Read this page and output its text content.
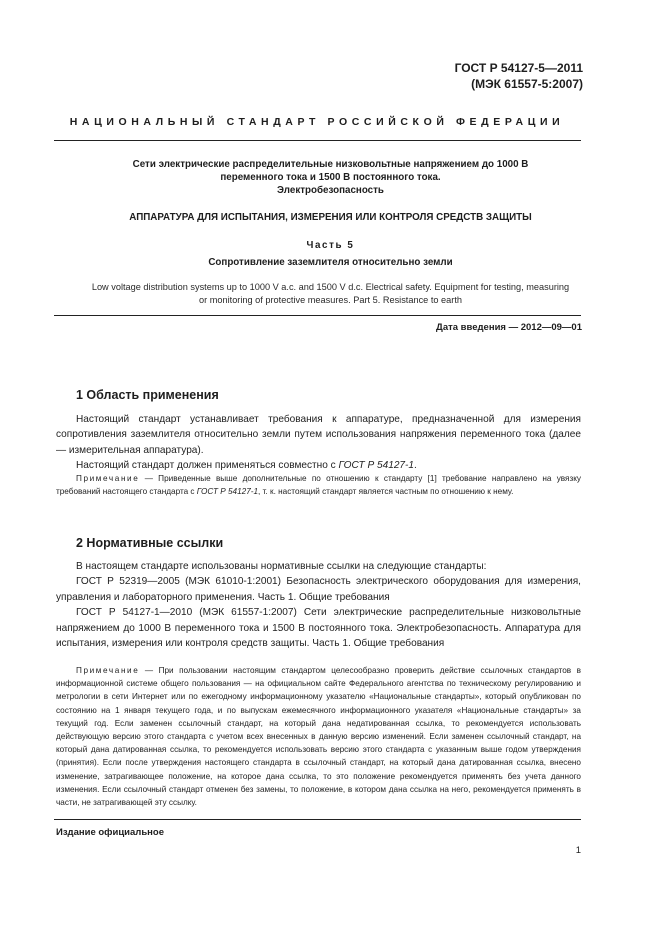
ГОСТ Р 54127-5—2011
(МЭК 61557-5:2007)
НАЦИОНАЛЬНЫЙ СТАНДАРТ РОССИЙСКОЙ ФЕДЕРАЦИИ
Сети электрические распределительные низковольтные напряжением до 1000 В
переменного тока и 1500 В постоянного тока.
Электробезопасность
АППАРАТУРА ДЛЯ ИСПЫТАНИЯ, ИЗМЕРЕНИЯ ИЛИ КОНТРОЛЯ СРЕДСТВ ЗАЩИТЫ
Часть 5
Сопротивление заземлителя относительно земли
Low voltage distribution systems up to 1000 V a.c. and 1500 V d.c. Electrical safety. Equipment for testing, measuring
or monitoring of protective measures. Part 5. Resistance to earth
Дата введения — 2012—09—01
1 Область применения

Настоящий стандарт устанавливает требования к аппаратуре, предназначенной для измерения сопротивления заземлителя относительно земли путем использования напряжения переменного тока (далее — измерительная аппаратура).

Настоящий стандарт должен применяться совместно с ГОСТ Р 54127-1.

Примечание — Приведенные выше дополнительные по отношению к стандарту [1] требование направлено на увязку требований настоящего стандарта с ГОСТ Р 54127-1, т. к. настоящий стандарт является частным по отношению к нему.

2 Нормативные ссылки

В настоящем стандарте использованы нормативные ссылки на следующие стандарты:

ГОСТ Р 52319—2005 (МЭК 61010-1:2001) Безопасность электрического оборудования для измерения, управления и лабораторного применения. Часть 1. Общие требования

ГОСТ Р 54127-1—2010 (МЭК 61557-1:2007) Сети электрические распределительные низковольтные напряжением до 1000 В переменного тока и 1500 В постоянного тока. Электробезопасность. Аппаратура для испытания, измерения или контроля средств защиты. Часть 1. Общие требования

Примечание — При пользовании настоящим стандартом целесообразно проверить действие ссылочных стандартов в информационной системе общего пользования — на официальном сайте Федерального агентства по техническому регулированию и метрологии в сети Интернет или по ежегодному информационному указателю «Национальные стандарты», который опубликован по состоянию на 1 января текущего года, и по выпускам ежемесячного информационного указателя «Национальные стандарты» за текущий год. Если заменен ссылочный стандарт, на который дана недатированная ссылка, то рекомендуется использовать действующую версию этого стандарта с учетом всех внесенных в данную версию изменений. Если заменен ссылочный стандарт, на который дана датированная ссылка, то рекомендуется использовать версию этого стандарта с указанным выше годом утверждения (принятия). Если после утверждения настоящего стандарта в ссылочный стандарт, на который дана датированная ссылка, внесено изменение, затрагивающее положение, на которое дана ссылка, то это положение рекомендуется применять без учета данного изменения. Если ссылочный стандарт отменен без замены, то положение, в котором дана ссылка на него, рекомендуется применять в части, не затрагивающей эту ссылку.

Издание официальное
1
